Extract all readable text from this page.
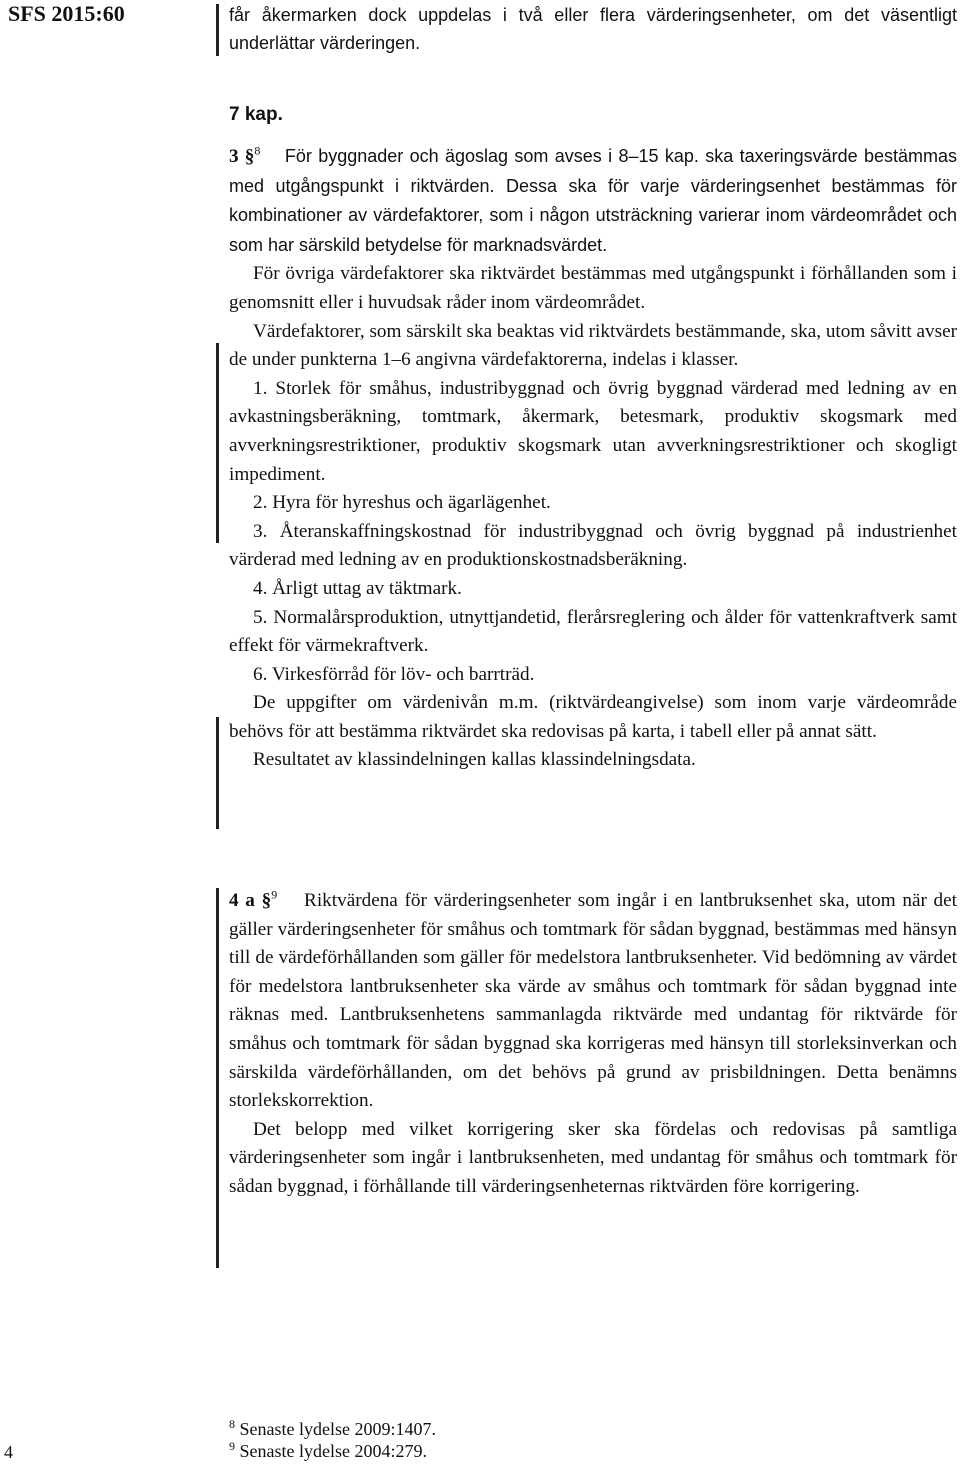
SFS 2015:60	får åkermarken dock uppdelas i två eller flera värderingsenheter, om det väsentligt underlättar värderingen.

7 kap.

3 §$^8$ För byggnader och ägoslag som avses i 8–15 kap. ska taxeringsvärde bestämmas med utgångspunkt i riktvärden. Dessa ska för varje värderingsenhet bestämmas för kombinationer av värdefaktorer, som i någon utsträckning varierar inom värdeområdet och som har särskild betydelse för marknadsvärdet.

För övriga värdefaktorer ska riktvärdet bestämmas med utgångspunkt i förhållanden som i genomsnitt eller i huvudsak råder inom värdeområdet.

Värdefaktorer, som särskilt ska beaktas vid riktvärdets bestämmande, ska, utom såvitt avser de under punkterna 1–6 angivna värdefaktorerna, indelas i klasser.

1. Storlek för småhus, industribyggnad och övrig byggnad värderad med ledning av en avkastningsberäkning, tomtmark, åkermark, betesmark, produktiv skogsmark med avverkningsrestriktioner, produktiv skogsmark utan avverkningsrestriktioner och skogligt impediment.

2. Hyra för hyreshus och ägarlägenhet.

3. Återanskaffningskostnad för industribyggnad och övrig byggnad på industrienhet värderad med ledning av en produktionskostnadsberäkning.

4. Årligt uttag av täktmark.

5. Normalårsproduktion, utnyttjandetid, flerårsreglering och ålder för vattenkraftverk samt effekt för värmekraftverk.

6. Virkesförråd för löv- och barrträd.

De uppgifter om värdenivån m.m. (riktvärdeangivelse) som inom varje värdeområde behövs för att bestämma riktvärdet ska redovisas på karta, i tabell eller på annat sätt.

Resultatet av klassindelningen kallas klassindelningsdata.

4 a §$^9$ Riktvärdena för värderingsenheter som ingår i en lantbruksenhet ska, utom när det gäller värderingsenheter för småhus och tomtmark för sådan byggnad, bestämmas med hänsyn till de värdeförhållanden som gäller för medelstora lantbruksenheter. Vid bedömning av värdet för medelstora lantbruksenheter ska värde av småhus och tomtmark för sådan byggnad inte räknas med. Lantbruksenhetens sammanlagda riktvärde med undantag för riktvärde för småhus och tomtmark för sådan byggnad ska korrigeras med hänsyn till storleksinverkan och särskilda värdeförhållanden, om det behövs på grund av prisbildningen. Detta benämns storlekskorrektion.

Det belopp med vilket korrigering sker ska fördelas och redovisas på samtliga värderingsenheter som ingår i lantbruksenheten, med undantag för småhus och tomtmark för sådan byggnad, i förhållande till värderingsenheternas riktvärden före korrigering.

$^8$ Senaste lydelse 2009:1407.
$^9$ Senaste lydelse 2004:279.
4
